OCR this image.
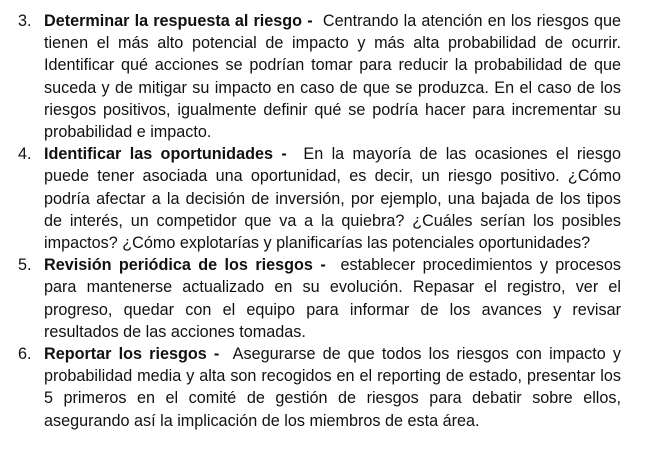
3. Determinar la respuesta al riesgo - Centrando la atención en los riesgos que tienen el más alto potencial de impacto y más alta probabilidad de ocurrir. Identificar qué acciones se podrían tomar para reducir la probabilidad de que suceda y de mitigar su impacto en caso de que se produzca. En el caso de los riesgos positivos, igualmente definir qué se podría hacer para incrementar su probabilidad e impacto.
4. Identificar las oportunidades - En la mayoría de las ocasiones el riesgo puede tener asociada una oportunidad, es decir, un riesgo positivo. ¿Cómo podría afectar a la decisión de inversión, por ejemplo, una bajada de los tipos de interés, un competidor que va a la quiebra? ¿Cuáles serían los posibles impactos? ¿Cómo explotarías y planificarías las potenciales oportunidades?
5. Revisión periódica de los riesgos - establecer procedimientos y procesos para mantenerse actualizado en su evolución. Repasar el registro, ver el progreso, quedar con el equipo para informar de los avances y revisar resultados de las acciones tomadas.
6. Reportar los riesgos - Asegurarse de que todos los riesgos con impacto y probabilidad media y alta son recogidos en el reporting de estado, presentar los 5 primeros en el comité de gestión de riesgos para debatir sobre ellos, asegurando así la implicación de los miembros de esta área.
